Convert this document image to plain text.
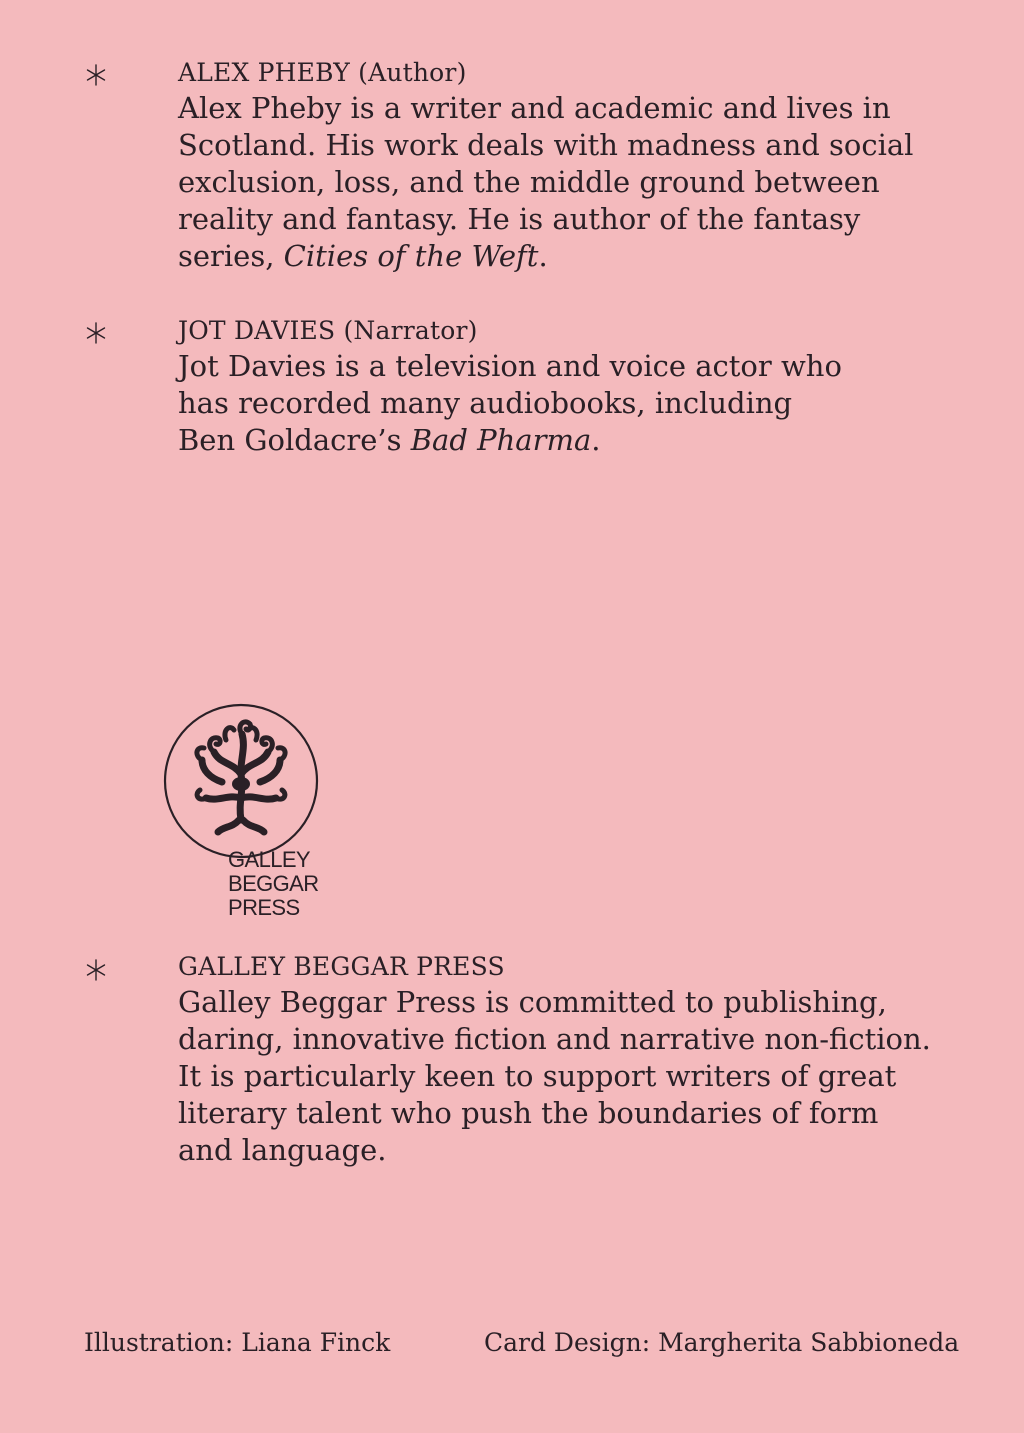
ALEX PHEBY (Author)
Alex Pheby is a writer and academic and lives in
Scotland. His work deals with madness and social
exclusion, loss, and the middle ground between
reality and fantasy. He is author of the fantasy
series, Cities of the Weft.
JOT DAVIES (Narrator)
Jot Davies is a television and voice actor who
has recorded many audiobooks, including
Ben Goldacre’s Bad Pharma.
GALLEY
BEGGAR
PRESS
GALLEY BEGGAR PRESS
Galley Beggar Press is committed to publishing,
daring, innovative fiction and narrative non-fiction.
It is particularly keen to support writers of great
literary talent who push the boundaries of form
and language.
Illustration: Liana Finck	Card Design: Margherita Sabbioneda
